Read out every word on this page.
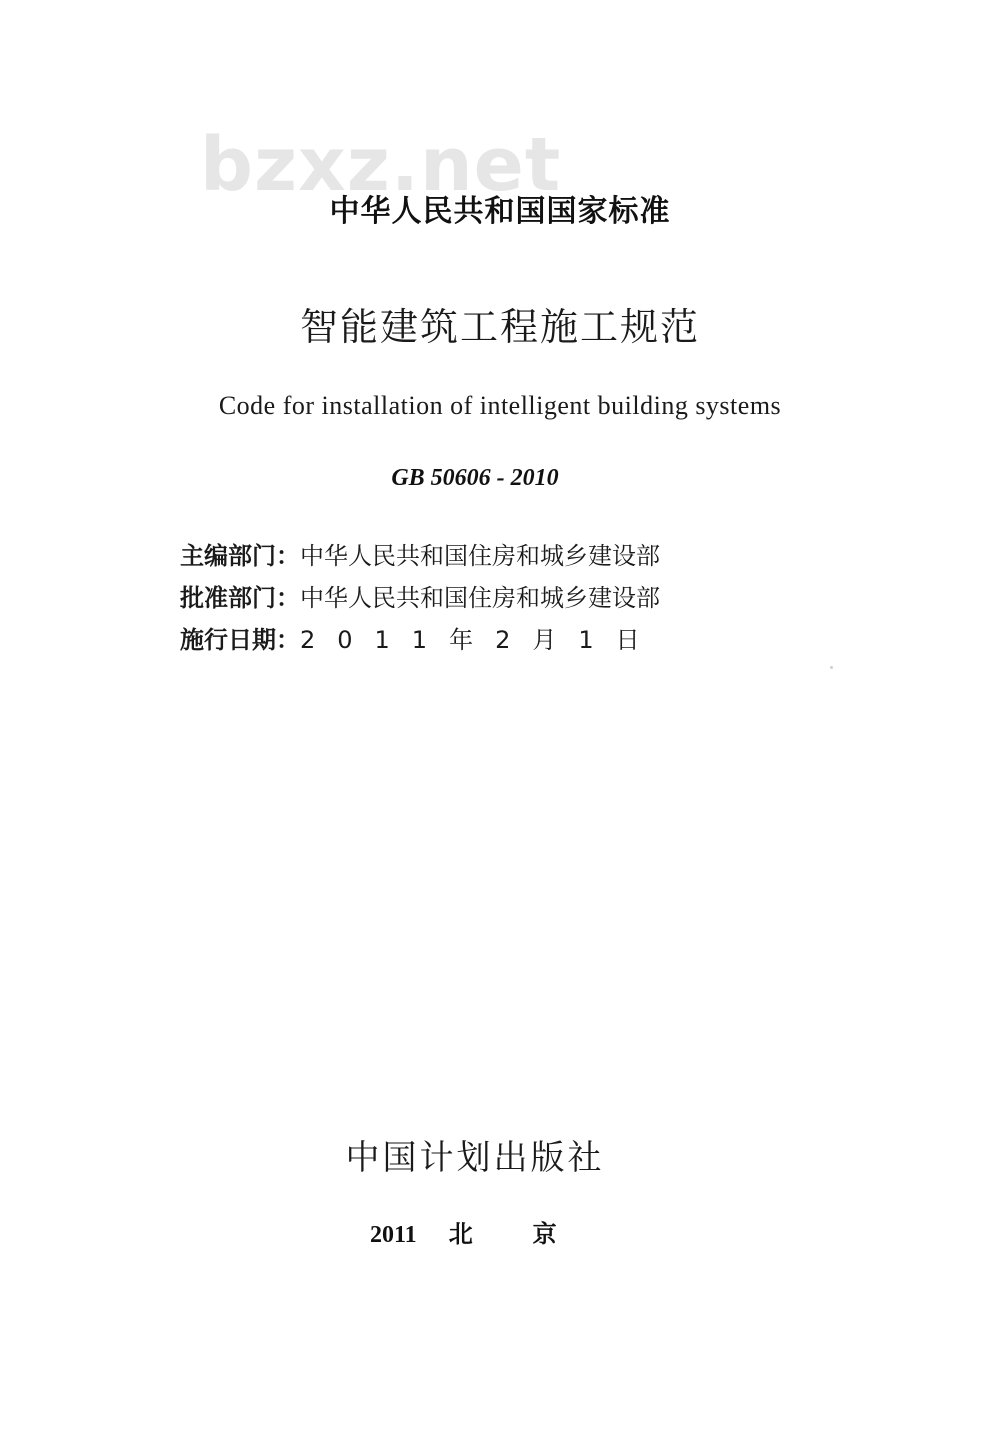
bzxz.net
中华人民共和国国家标准
智能建筑工程施工规范
Code for installation of intelligent building systems
GB 50606 - 2010
主编部门：中华人民共和国住房和城乡建设部
批准部门：中华人民共和国住房和城乡建设部
施行日期：2011年2月1日
中国计划出版社
2011 北京
